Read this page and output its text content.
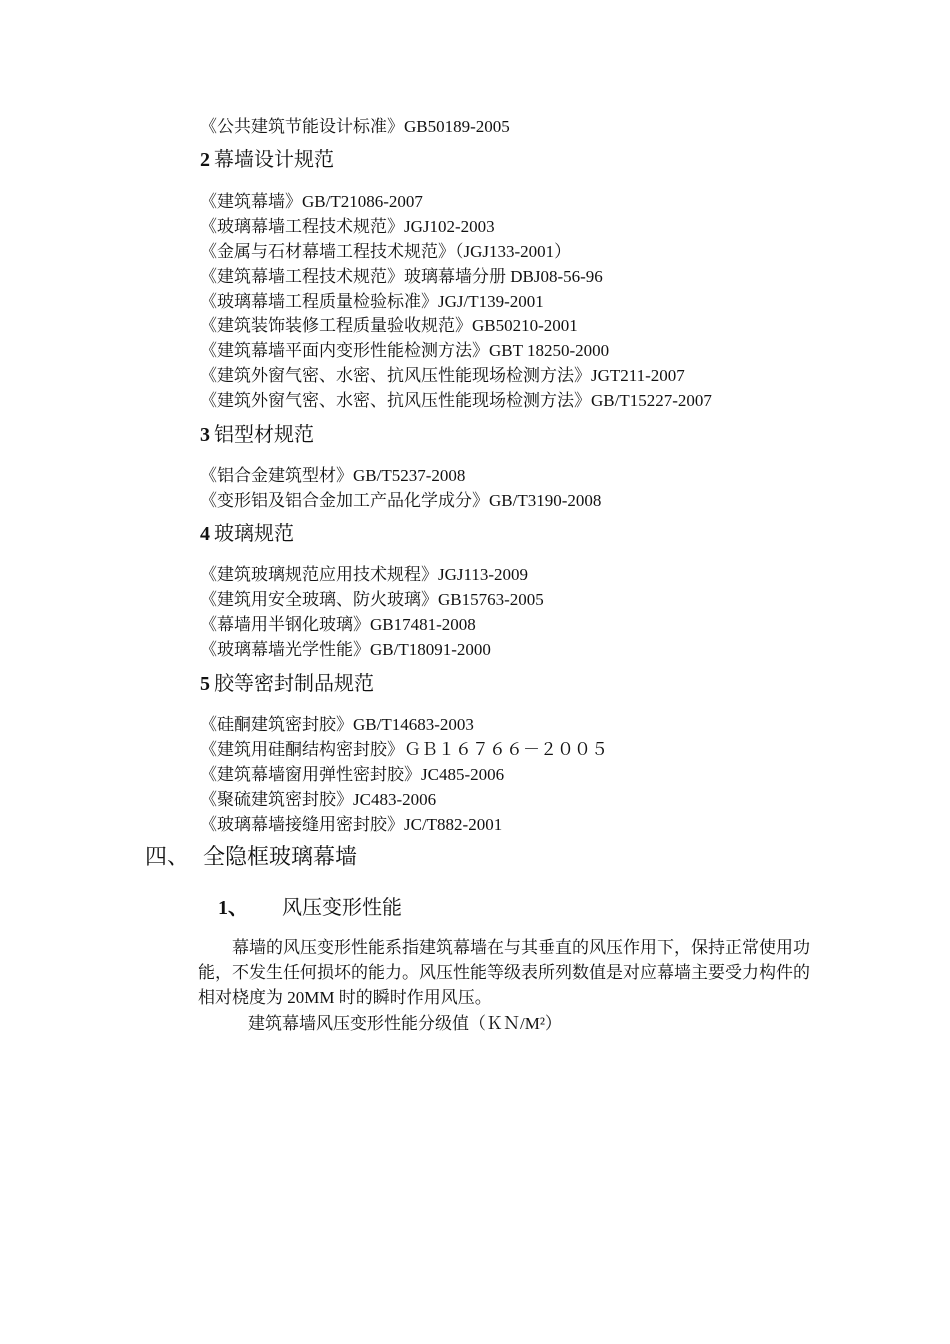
《公共建筑节能设计标准》GB50189-2005
2 幕墙设计规范
《建筑幕墙》GB/T21086-2007
《玻璃幕墙工程技术规范》JGJ102-2003
《金属与石材幕墙工程技术规范》（JGJ133-2001）
《建筑幕墙工程技术规范》玻璃幕墙分册 DBJ08-56-96
《玻璃幕墙工程质量检验标准》JGJ/T139-2001
《建筑装饰装修工程质量验收规范》GB50210-2001
《建筑幕墙平面内变形性能检测方法》GBT 18250-2000
《建筑外窗气密、水密、抗风压性能现场检测方法》JGT211-2007
《建筑外窗气密、水密、抗风压性能现场检测方法》GB/T15227-2007
3 铝型材规范
《铝合金建筑型材》GB/T5237-2008
《变形铝及铝合金加工产品化学成分》GB/T3190-2008
4 玻璃规范
《建筑玻璃规范应用技术规程》JGJ113-2009
《建筑用安全玻璃、防火玻璃》GB15763-2005
《幕墙用半钢化玻璃》GB17481-2008
《玻璃幕墙光学性能》GB/T18091-2000
5 胶等密封制品规范
《硅酮建筑密封胶》GB/T14683-2003
《建筑用硅酮结构密封胶》ＧＢ１６７６６－２００５
《建筑幕墙窗用弹性密封胶》JC485-2006
《聚硫建筑密封胶》JC483-2006
《玻璃幕墙接缝用密封胶》JC/T882-2001
四、 全隐框玻璃幕墙
1、 风压变形性能
幕墙的风压变形性能系指建筑幕墙在与其垂直的风压作用下，保持正常使用功能，不发生任何损坏的能力。风压性能等级表所列数值是对应幕墙主要受力构件的相对桡度为 20MM 时的瞬时作用风压。
建筑幕墙风压变形性能分级值（ＫＮ/M²）
